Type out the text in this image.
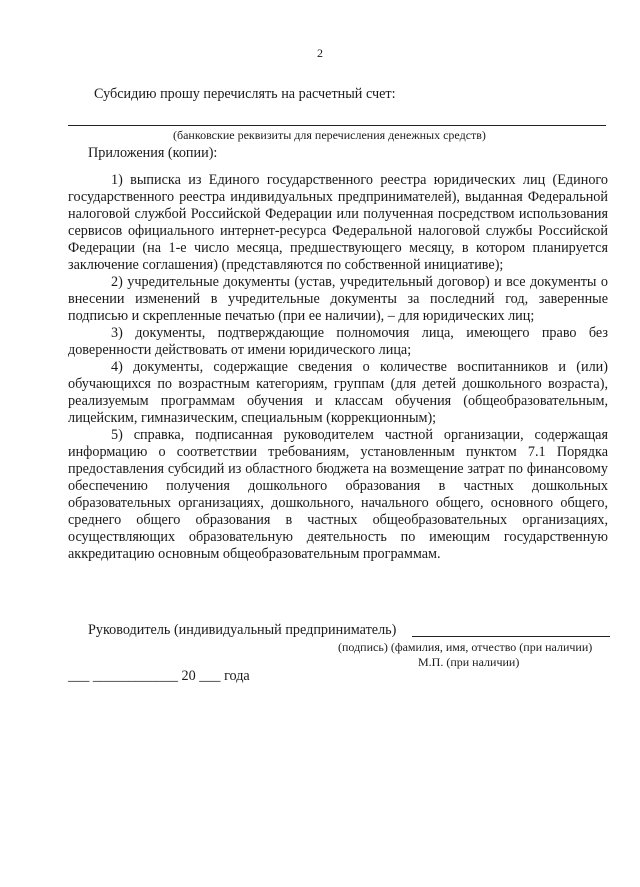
2
Субсидию прошу перечислять на расчетный счет:
(банковские реквизиты для перечисления денежных средств)
Приложения (копии):

1) выписка из Единого государственного реестра юридических лиц (Единого государственного реестра индивидуальных предпринимателей), выданная Федеральной налоговой службой Российской Федерации или полученная посредством использования сервисов официального интернет-ресурса Федеральной налоговой службы Российской Федерации (на 1-е число месяца, предшествующего месяцу, в котором планируется заключение соглашения) (представляются по собственной инициативе);

2) учредительные документы (устав, учредительный договор) и все документы о внесении изменений в учредительные документы за последний год, заверенные подписью и скрепленные печатью (при ее наличии), – для юридических лиц;

3) документы, подтверждающие полномочия лица, имеющего право без доверенности действовать от имени юридического лица;

4) документы, содержащие сведения о количестве воспитанников и (или) обучающихся по возрастным категориям, группам (для детей дошкольного возраста), реализуемым программам обучения и классам обучения (общеобразовательным, лицейским, гимназическим, специальным (коррекционным);

5) справка, подписанная руководителем частной организации, содержащая информацию о соответствии требованиям, установленным пунктом 7.1 Порядка предоставления субсидий из областного бюджета на возмещение затрат по финансовому обеспечению получения дошкольного образования в частных дошкольных образовательных организациях, дошкольного, начального общего, основного общего, среднего общего образования в частных общеобразовательных организациях, осуществляющих образовательную деятельность по имеющим государственную аккредитацию основным общеобразовательным программам.

Руководитель (индивидуальный предприниматель)
(подпись) (фамилия, имя, отчество (при наличии)
М.П. (при наличии)
___ ____________ 20 ___ года
